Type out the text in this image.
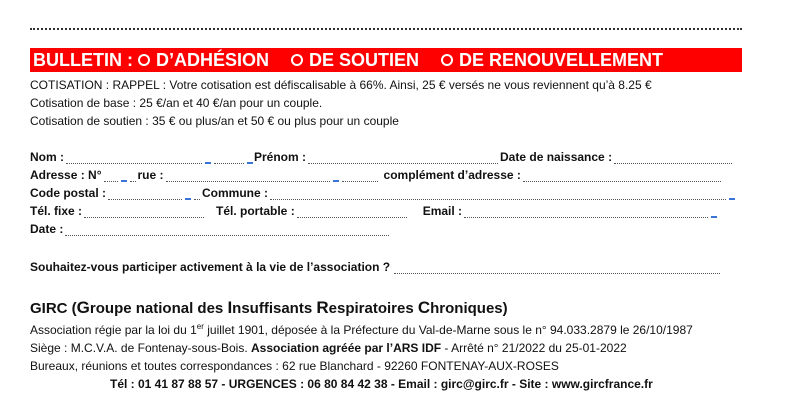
BULLETIN : D’ADHÉSION DE SOUTIEN DE RENOUVELLEMENT
COTISATION : RAPPEL : Votre cotisation est défiscalisable à 66%. Ainsi, 25 € versés ne vous reviennent qu’à 8.25 €
Cotisation de base : 25 €/an et 40 €/an pour un couple.
Cotisation de soutien : 35 € ou plus/an et 50 € ou plus pour un couple
Nom :	Prénom :	Date de naissance :
Adresse : N°	rue :	complément d’adresse :
Code postal :	Commune :
Tél. fixe :	Tél. portable :	Email :
Date :
Souhaitez-vous participer activement à la vie de l’association ?
GIRC (Groupe national des Insuffisants Respiratoires Chroniques)
Association régie par la loi du 1er juillet 1901, déposée à la Préfecture du Val-de-Marne sous le n° 94.033.2879 le 26/10/1987
Siège : M.C.V.A. de Fontenay-sous-Bois. Association agréée par l’ARS IDF - Arrêté n° 21/2022 du 25-01-2022
Bureaux, réunions et toutes correspondances : 62 rue Blanchard - 92260 FONTENAY-AUX-ROSES
Tél : 01 41 87 88 57 - URGENCES : 06 80 84 42 38 - Email : girc@girc.fr - Site : www.gircfrance.fr
